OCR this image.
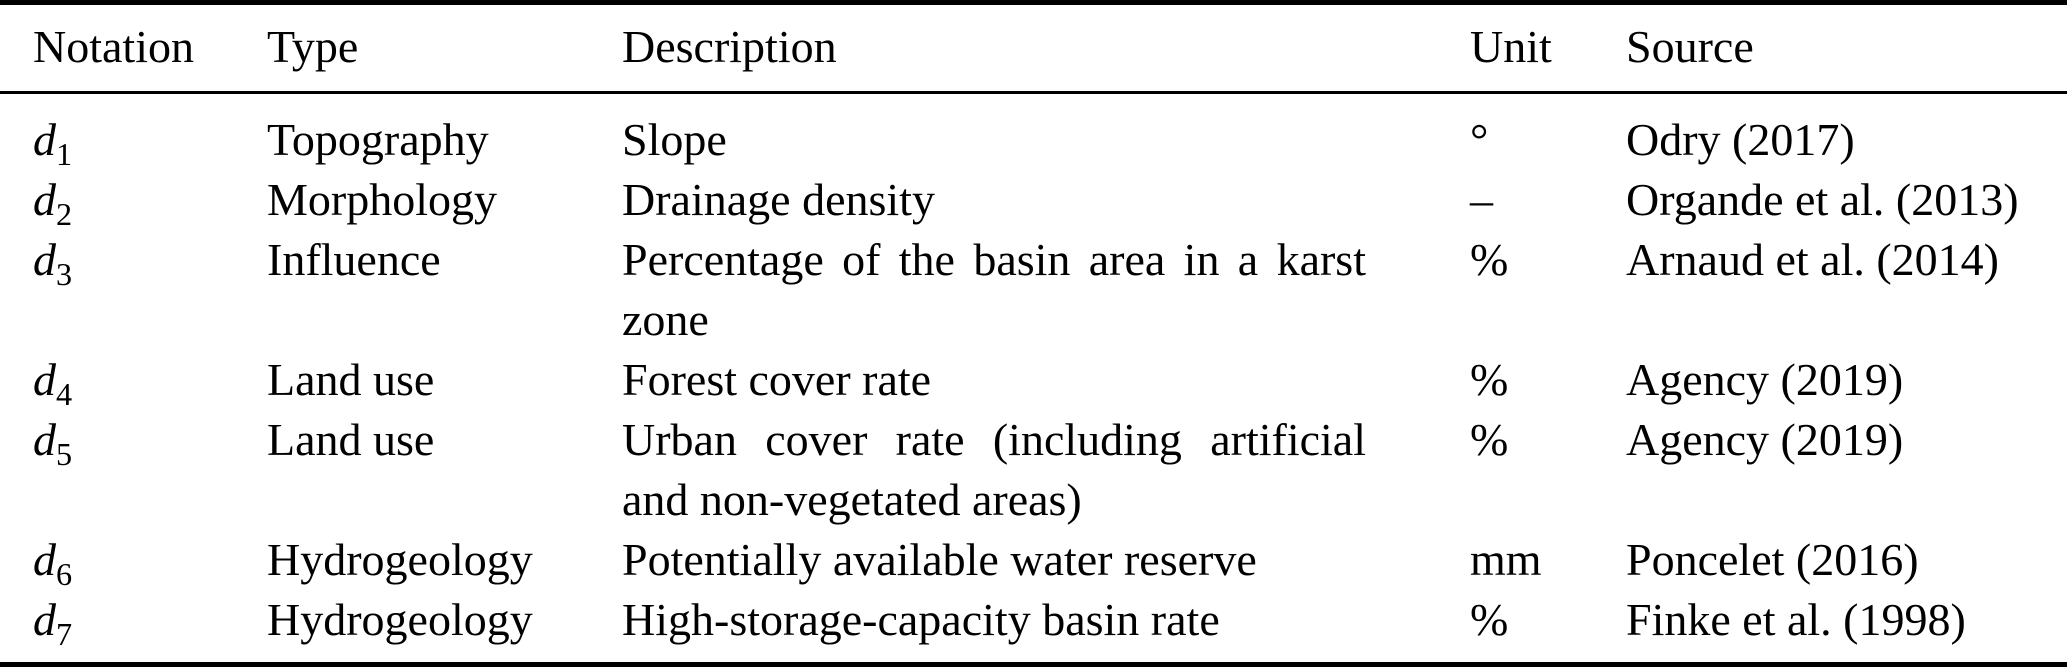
Notation	Type	Description	Unit	Source
$d_1$	Topography	Slope	°	Odry (2017)
$d_2$	Morphology	Drainage density	–	Organde et al. (2013)
$d_3$	Influence	Percentage of the basin area in a karst zone	%	Arnaud et al. (2014)
$d_4$	Land use	Forest cover rate	%	Agency (2019)
$d_5$	Land use	Urban cover rate (including artificial and non-vegetated areas)	%	Agency (2019)
$d_6$	Hydrogeology	Potentially available water reserve	mm	Poncelet (2016)
$d_7$	Hydrogeology	High-storage-capacity basin rate	%	Finke et al. (1998)
